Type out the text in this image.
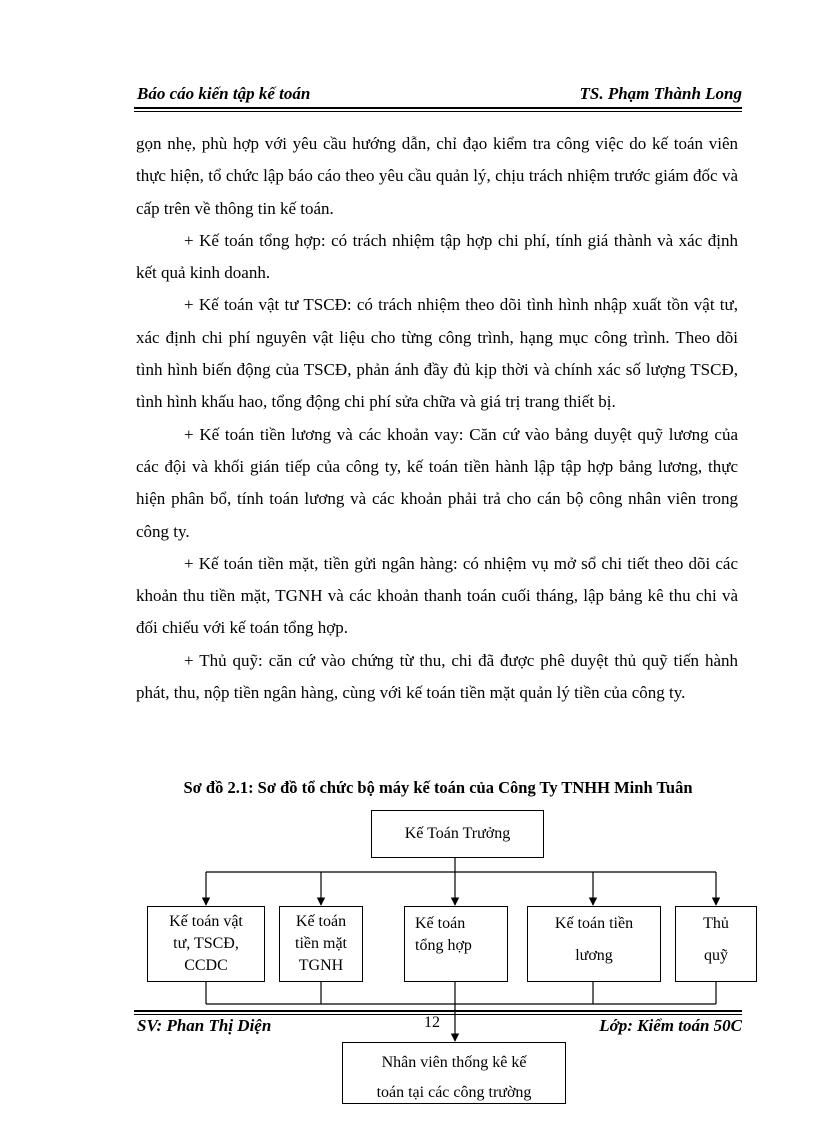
Báo cáo kiến tập kế toán	TS. Phạm Thành Long

gọn nhẹ, phù hợp với yêu cầu hướng dẫn, chỉ đạo kiểm tra công việc do kế toán viên thực hiện, tổ chức lập báo cáo theo yêu cầu quản lý, chịu trách nhiệm trước giám đốc và cấp trên về thông tin kế toán.

+ Kế toán tổng hợp: có trách nhiệm tập hợp chi phí, tính giá thành và xác định kết quả kinh doanh.

+ Kế toán vật tư TSCĐ: có trách nhiệm theo dõi tình hình nhập xuất tồn vật tư, xác định chi phí nguyên vật liệu cho từng công trình, hạng mục công trình. Theo dõi tình hình biến động của TSCĐ, phản ánh đầy đủ kịp thời và chính xác số lượng TSCĐ, tình hình khấu hao, tổng động chi phí sửa chữa và giá trị trang thiết bị.

+ Kế toán tiền lương và các khoản vay: Căn cứ vào bảng duyệt quỹ lương của các đội và khối gián tiếp của công ty, kế toán tiền hành lập tập hợp bảng lương, thực hiện phân bổ, tính toán lương và các khoản phải trả cho cán bộ công nhân viên trong công ty.

+ Kế toán tiền mặt, tiền gửi ngân hàng: có nhiệm vụ mở sổ chi tiết theo dõi các khoản thu tiền mặt, TGNH và các khoản thanh toán cuối tháng, lập bảng kê thu chi và đối chiếu với kế toán tổng hợp.

+ Thủ quỹ: căn cứ vào chứng từ thu, chi đã được phê duyệt thủ quỹ tiến hành phát, thu, nộp tiền ngân hàng, cùng với kế toán tiền mặt quản lý tiền của công ty.

Sơ đồ 2.1: Sơ đồ tổ chức bộ máy kế toán của Công Ty TNHH Minh Tuân
Kế Toán Trưởng
Kế toán vật
tư, TSCĐ,
CCDC
Kế toán
tiền mặt
TGNH
Kế toán
tổng hợp
Kế toán tiền
lương
Thủ
quỹ
SV: Phan Thị Diện	12	Lớp: Kiểm toán 50C
Nhân viên thống kê kế
toán tại các công trường
